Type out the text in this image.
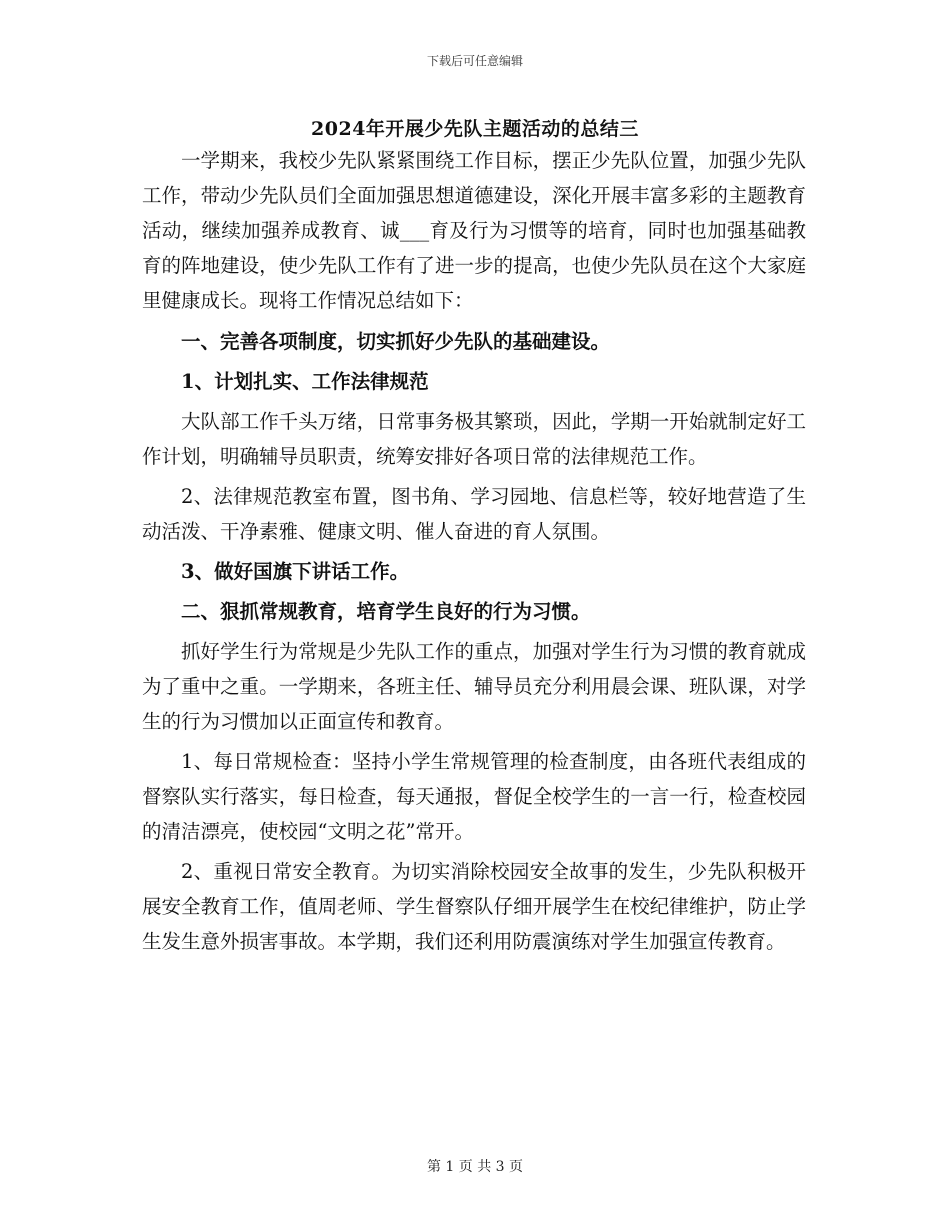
下载后可任意编辑
2024年开展少先队主题活动的总结三

一学期来，我校少先队紧紧围绕工作目标，摆正少先队位置，加强少先队工作，带动少先队员们全面加强思想道德建设，深化开展丰富多彩的主题教育活动，继续加强养成教育、诚___育及行为习惯等的培育，同时也加强基础教育的阵地建设，使少先队工作有了进一步的提高，也使少先队员在这个大家庭里健康成长。现将工作情况总结如下：

一、完善各项制度，切实抓好少先队的基础建设。

1、计划扎实、工作法律规范

大队部工作千头万绪，日常事务极其繁琐，因此，学期一开始就制定好工作计划，明确辅导员职责，统筹安排好各项日常的法律规范工作。

2、法律规范教室布置，图书角、学习园地、信息栏等，较好地营造了生动活泼、干净素雅、健康文明、催人奋进的育人氛围。

3、做好国旗下讲话工作。

二、狠抓常规教育，培育学生良好的行为习惯。

抓好学生行为常规是少先队工作的重点，加强对学生行为习惯的教育就成为了重中之重。一学期来，各班主任、辅导员充分利用晨会课、班队课，对学生的行为习惯加以正面宣传和教育。

1、每日常规检查：坚持小学生常规管理的检查制度，由各班代表组成的督察队实行落实，每日检查，每天通报，督促全校学生的一言一行，检查校园的清洁漂亮，使校园“文明之花”常开。

2、重视日常安全教育。为切实消除校园安全故事的发生，少先队积极开展安全教育工作，值周老师、学生督察队仔细开展学生在校纪律维护，防止学生发生意外损害事故。本学期，我们还利用防震演练对学生加强宣传教育。

第 1 页 共 3 页
